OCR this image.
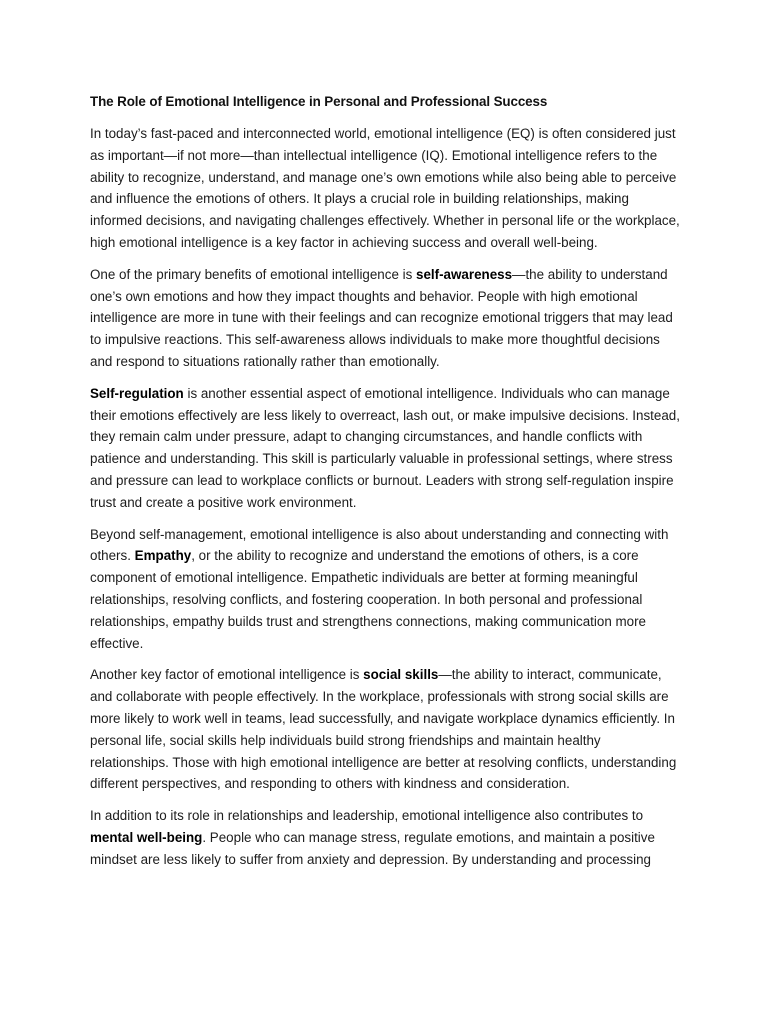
The Role of Emotional Intelligence in Personal and Professional Success

In today’s fast-paced and interconnected world, emotional intelligence (EQ) is often considered just as important—if not more—than intellectual intelligence (IQ). Emotional intelligence refers to the ability to recognize, understand, and manage one’s own emotions while also being able to perceive and influence the emotions of others. It plays a crucial role in building relationships, making informed decisions, and navigating challenges effectively. Whether in personal life or the workplace, high emotional intelligence is a key factor in achieving success and overall well-being.

One of the primary benefits of emotional intelligence is self-awareness—the ability to understand one’s own emotions and how they impact thoughts and behavior. People with high emotional intelligence are more in tune with their feelings and can recognize emotional triggers that may lead to impulsive reactions. This self-awareness allows individuals to make more thoughtful decisions and respond to situations rationally rather than emotionally.

Self-regulation is another essential aspect of emotional intelligence. Individuals who can manage their emotions effectively are less likely to overreact, lash out, or make impulsive decisions. Instead, they remain calm under pressure, adapt to changing circumstances, and handle conflicts with patience and understanding. This skill is particularly valuable in professional settings, where stress and pressure can lead to workplace conflicts or burnout. Leaders with strong self-regulation inspire trust and create a positive work environment.

Beyond self-management, emotional intelligence is also about understanding and connecting with others. Empathy, or the ability to recognize and understand the emotions of others, is a core component of emotional intelligence. Empathetic individuals are better at forming meaningful relationships, resolving conflicts, and fostering cooperation. In both personal and professional relationships, empathy builds trust and strengthens connections, making communication more effective.

Another key factor of emotional intelligence is social skills—the ability to interact, communicate, and collaborate with people effectively. In the workplace, professionals with strong social skills are more likely to work well in teams, lead successfully, and navigate workplace dynamics efficiently. In personal life, social skills help individuals build strong friendships and maintain healthy relationships. Those with high emotional intelligence are better at resolving conflicts, understanding different perspectives, and responding to others with kindness and consideration.

In addition to its role in relationships and leadership, emotional intelligence also contributes to mental well-being. People who can manage stress, regulate emotions, and maintain a positive mindset are less likely to suffer from anxiety and depression. By understanding and processing
